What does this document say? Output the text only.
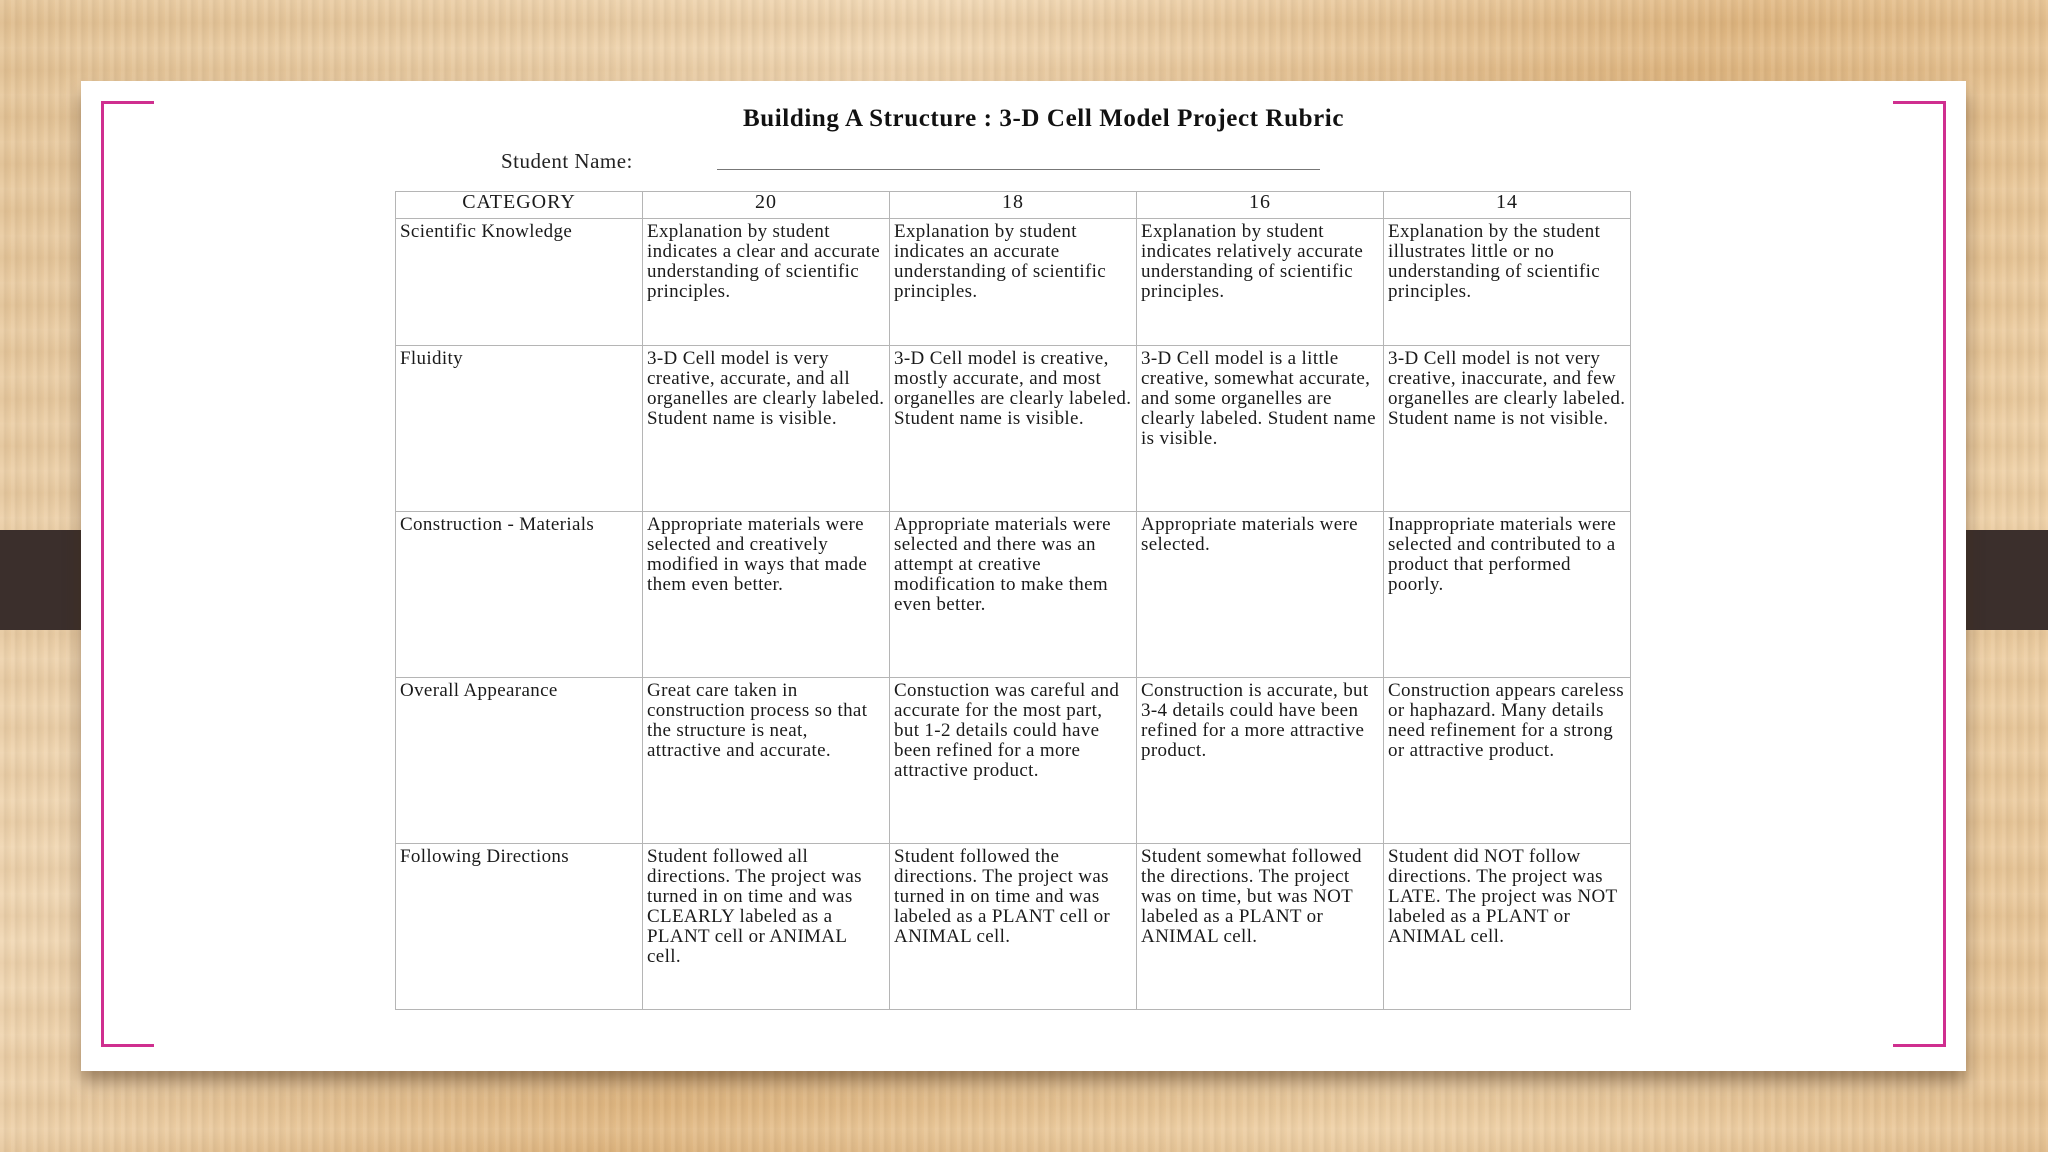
Building A Structure : 3-D Cell Model Project Rubric
Student Name:
CATEGORY	20	18	16	14
Scientific Knowledge	Explanation by student indicates a clear and accurate understanding of scientific principles.	Explanation by student indicates an accurate understanding of scientific principles.	Explanation by student indicates relatively accurate understanding of scientific principles.	Explanation by the student illustrates little or no understanding of scientific principles.
Fluidity	3-D Cell model is very creative, accurate, and all organelles are clearly labeled. Student name is visible.	3-D Cell model is creative, mostly accurate, and most organelles are clearly labeled. Student name is visible.	3-D Cell model is a little creative, somewhat accurate, and some organelles are clearly labeled. Student name is visible.	3-D Cell model is not very creative, inaccurate, and few organelles are clearly labeled. Student name is not visible.
Construction - Materials	Appropriate materials were selected and creatively modified in ways that made them even better.	Appropriate materials were selected and there was an attempt at creative modification to make them even better.	Appropriate materials were selected.	Inappropriate materials were selected and contributed to a product that performed poorly.
Overall Appearance	Great care taken in construction process so that the structure is neat, attractive and accurate.	Constuction was careful and accurate for the most part, but 1-2 details could have been refined for a more attractive product.	Construction is accurate, but 3-4 details could have been refined for a more attractive product.	Construction appears careless or haphazard. Many details need refinement for a strong or attractive product.
Following Directions	Student followed all directions. The project was turned in on time and was CLEARLY labeled as a PLANT cell or ANIMAL cell.	Student followed the directions. The project was turned in on time and was labeled as a PLANT cell or ANIMAL cell.	Student somewhat followed the directions. The project was on time, but was NOT labeled as a PLANT or ANIMAL cell.	Student did NOT follow directions. The project was LATE. The project was NOT labeled as a PLANT or ANIMAL cell.
